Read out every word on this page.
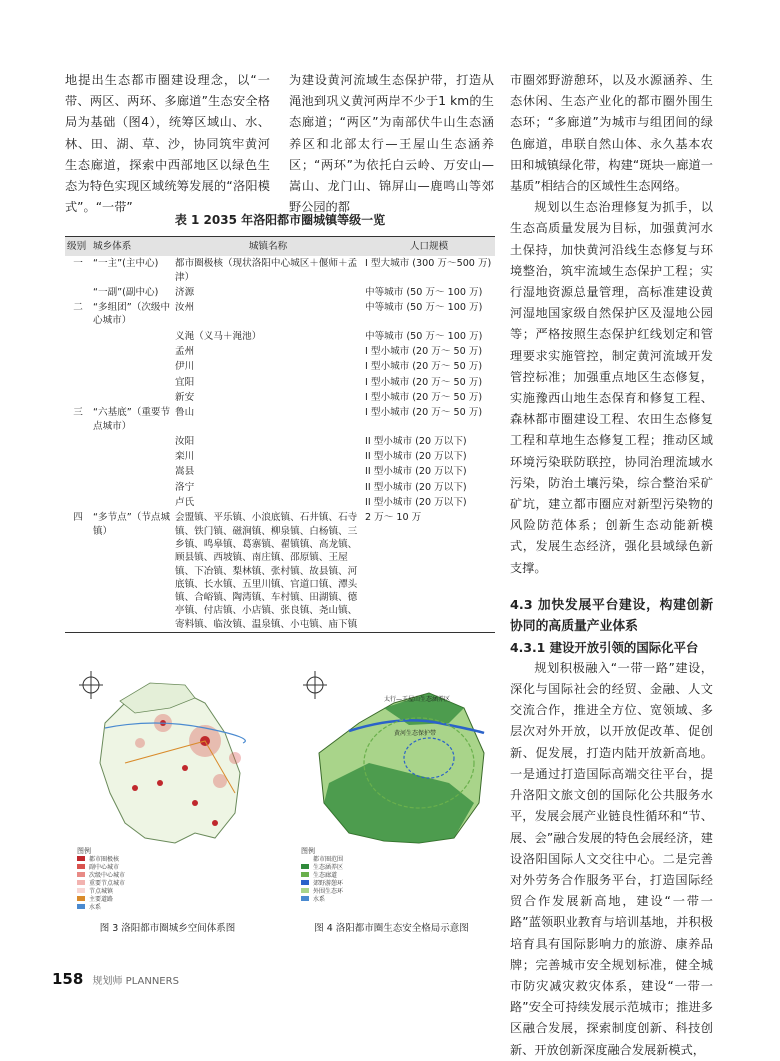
地提出生态都市圈建设理念，以“一带、两区、两环、多廊道”生态安全格局为基础（图4），统筹区域山、水、林、田、湖、草、沙，协同筑牢黄河生态廊道，探索中西部地区以绿色生态为特色实现区域统筹发展的“洛阳模式”。“一带”

为建设黄河流域生态保护带，打造从渑池到巩义黄河两岸不少于1 km的生态廊道；“两区”为南部伏牛山生态涵养区和北部太行—王屋山生态涵养区；“两环”为依托白云岭、万安山—嵩山、龙门山、锦屏山—鹿鸣山等郊野公园的都

市圈郊野游憩环，以及水源涵养、生态休闲、生态产业化的都市圈外围生态环；“多廊道”为城市与组团间的绿色廊道，串联自然山体、永久基本农田和城镇绿化带，构建“斑块一廊道一基质”相结合的区域性生态网络。

规划以生态治理修复为抓手，以生态高质量发展为目标，加强黄河水土保持，加快黄河沿线生态修复与环境整治，筑牢流域生态保护工程；实行湿地资源总量管理，高标准建设黄河湿地国家级自然保护区及湿地公园等；严格按照生态保护红线划定和管理要求实施管控，制定黄河流域开发管控标准；加强重点地区生态修复，实施豫西山地生态保育和修复工程、森林都市圈建设工程、农田生态修复工程和草地生态修复工程；推动区域环境污染联防联控，协同治理流域水污染，防治土壤污染，综合整治采矿矿坑，建立都市圈应对新型污染物的风险防范体系；创新生态动能新模式，发展生态经济，强化县域绿色新支撑。

4.3 加快发展平台建设，构建创新协同的高质量产业体系

4.3.1 建设开放引领的国际化平台

规划积极融入“一带一路”建设，深化与国际社会的经贸、金融、人文交流合作，推进全方位、宽领域、多层次对外开放，以开放促改革、促创新、促发展，打造内陆开放新高地。一是通过打造国际高端交往平台，提升洛阳文旅文创的国际化公共服务水平，发展会展产业链良性循环和“节、展、会”融合发展的特色会展经济，建设洛阳国际人文交往中心。二是完善对外劳务合作服务平台，打造国际经贸合作发展新高地，建设“一带一路”蓝领职业教育与培训基地，并积极培育具有国际影响力的旅游、康养品牌；完善城市安全规划标准，健全城市防灾减灾救灾体系，建设“一带一路”安全可持续发展示范城市；推进多区融合发展，探索制度创新、科技创新、开放创新深度融合发展新模式，

表 1 2035 年洛阳都市圈城镇等级一览
级别	城乡体系	城镇名称	人口规模
一	“一主”(主中心)	都市圈极核（现状洛阳中心城区＋偃师＋孟津）	I 型大城市 (300 万～500 万)
	“一副”(副中心)	济源	中等城市 (50 万～ 100 万)
二	“多组团”（次级中心城市）	汝州	中等城市 (50 万～ 100 万)
		义渑（义马＋渑池）	中等城市 (50 万～ 100 万)
		孟州	I 型小城市 (20 万～ 50 万)
		伊川	I 型小城市 (20 万～ 50 万)
		宜阳	I 型小城市 (20 万～ 50 万)
		新安	I 型小城市 (20 万～ 50 万)
三	“六基底”（重要节点城市）	鲁山	I 型小城市 (20 万～ 50 万)
		汝阳	II 型小城市 (20 万以下)
		栾川	II 型小城市 (20 万以下)
		嵩县	II 型小城市 (20 万以下)
		洛宁	II 型小城市 (20 万以下)
		卢氏	II 型小城市 (20 万以下)
四	“多节点”（节点城镇）	会盟镇、平乐镇、小浪底镇、石井镇、石寺镇、铁门镇、磁涧镇、柳泉镇、白杨镇、三乡镇、鸣皋镇、葛寨镇、翟镇镇、高龙镇、顾县镇、西坡镇、南庄镇、邵原镇、王屋镇、下冶镇、梨林镇、张村镇、故县镇、河底镇、长水镇、五里川镇、官道口镇、潭头镇、合峪镇、陶湾镇、车村镇、田湖镇、德亭镇、付店镇、小店镇、张良镇、尧山镇、寄料镇、临汝镇、温泉镇、小屯镇、庙下镇	2 万～ 10 万
图例
都市圈极核
副中心城市
次级中心城市
重要节点城市
节点城镇
主要道路
水系
图 3 洛阳都市圈城乡空间体系图
太行—王屋山生态涵养区
黄河生态保护带
图例
都市圈范围
生态涵养区
生态廊道
郊野游憩环
外围生态环
水系
图 4 洛阳都市圈生态安全格局示意图
158 规划师 PLANNERS
